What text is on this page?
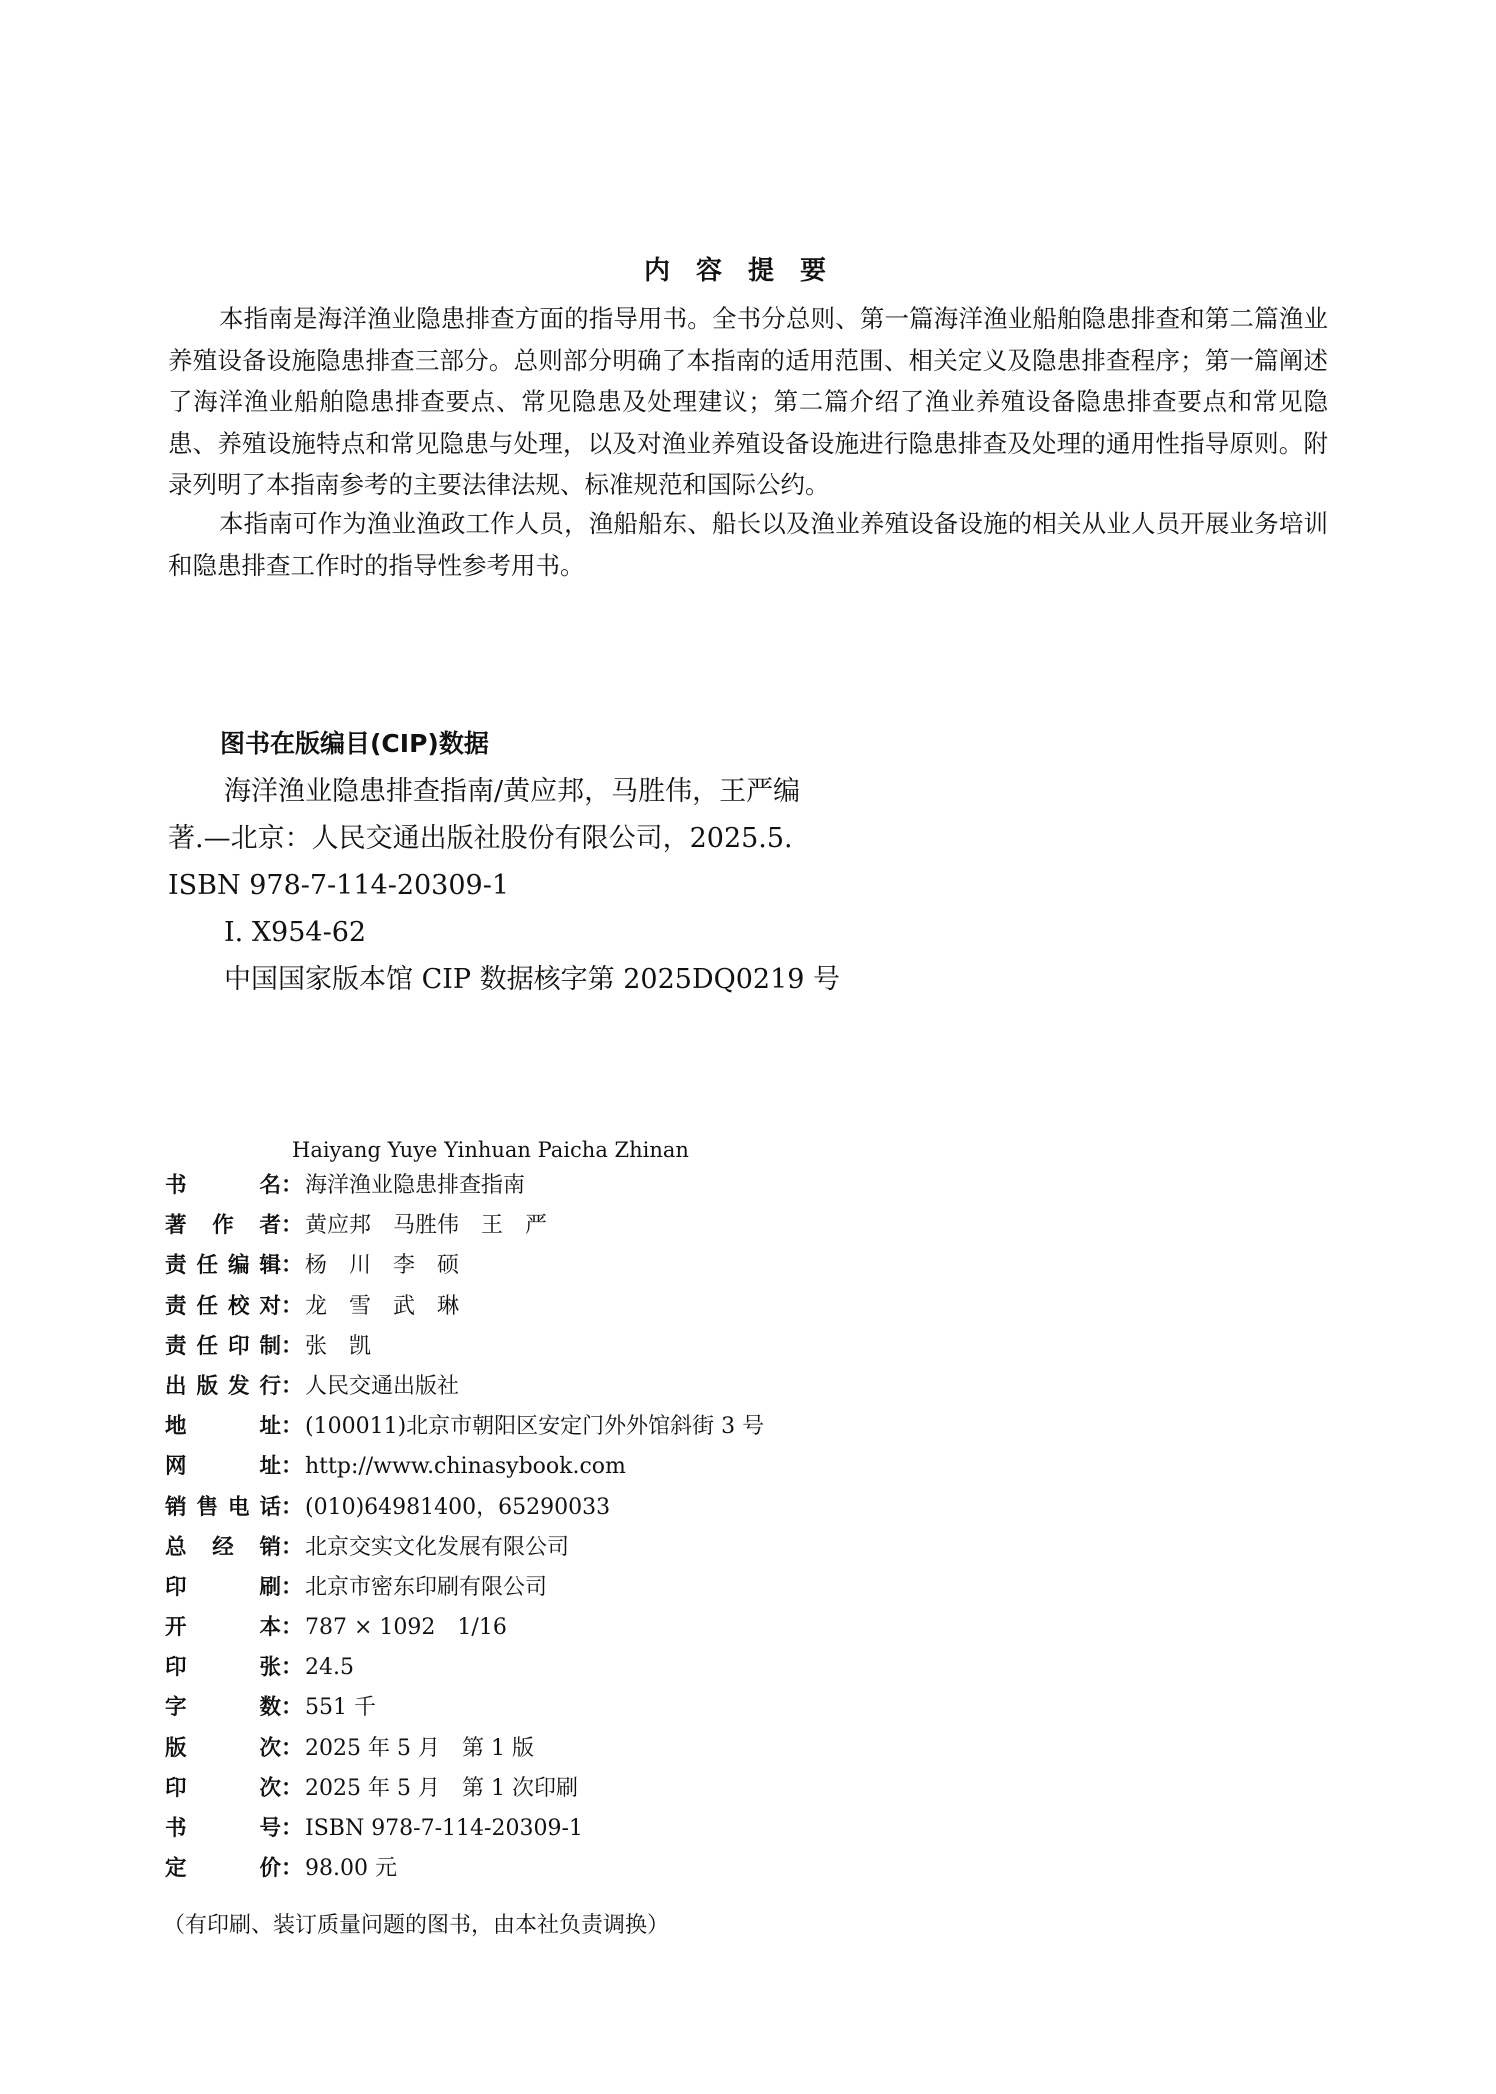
内容提要

本指南是海洋渔业隐患排查方面的指导用书。全书分总则、第一篇海洋渔业船舶隐患排查和第二篇渔业养殖设备设施隐患排查三部分。总则部分明确了本指南的适用范围、相关定义及隐患排查程序；第一篇阐述了海洋渔业船舶隐患排查要点、常见隐患及处理建议；第二篇介绍了渔业养殖设备隐患排查要点和常见隐患、养殖设施特点和常见隐患与处理，以及对渔业养殖设备设施进行隐患排查及处理的通用性指导原则。附录列明了本指南参考的主要法律法规、标准规范和国际公约。

本指南可作为渔业渔政工作人员，渔船船东、船长以及渔业养殖设备设施的相关从业人员开展业务培训和隐患排查工作时的指导性参考用书。

图书在版编目(CIP)数据
海洋渔业隐患排查指南/黄应邦，马胜伟，王严编
著.—北京：人民交通出版社股份有限公司，2025.5.
ISBN 978-7-114-20309-1
Ⅰ. X954-62
中国国家版本馆 CIP 数据核字第 2025DQ0219 号
Haiyang Yuye Yinhuan Paicha Zhinan
书名：海洋渔业隐患排查指南
著作者：黄应邦　马胜伟　王　严
责任编辑：杨　川　李　硕
责任校对：龙　雪　武　琳
责任印制：张　凯
出版发行：人民交通出版社
地址：(100011)北京市朝阳区安定门外外馆斜街 3 号
网址：http://www.chinasybook.com
销售电话：(010)64981400，65290033
总经销：北京交实文化发展有限公司
印刷：北京市密东印刷有限公司
开本：787 × 1092　1/16
印张：24.5
字数：551 千
版次：2025 年 5 月　第 1 版
印次：2025 年 5 月　第 1 次印刷
书号：ISBN 978-7-114-20309-1
定价：98.00 元
（有印刷、装订质量问题的图书，由本社负责调换）
